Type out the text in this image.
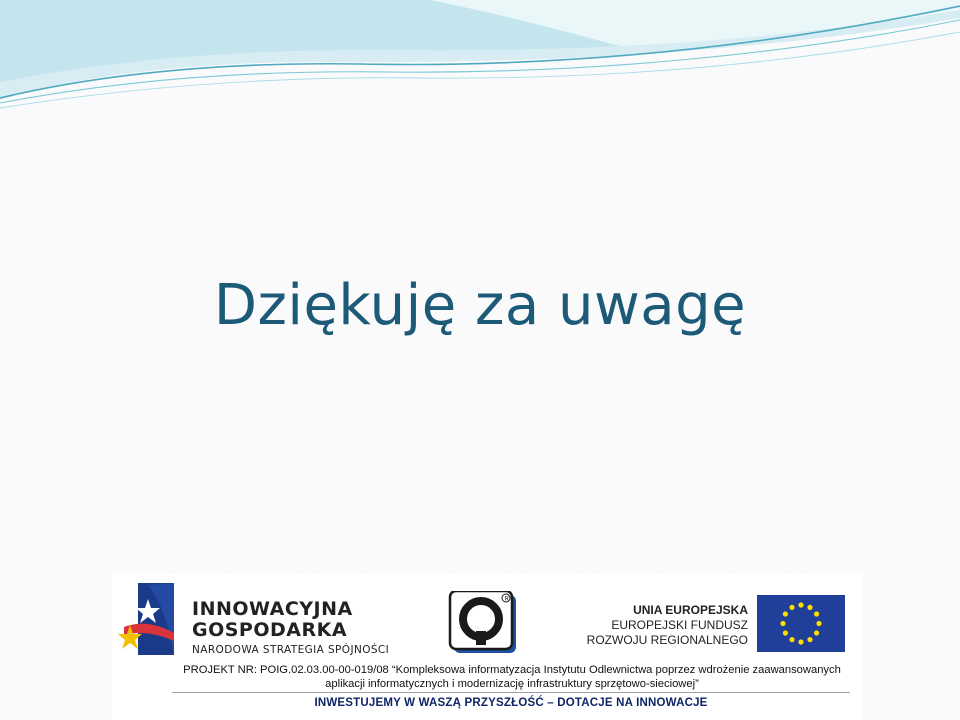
Dziękuję za uwagę
INNOWACYJNA
GOSPODARKA
NARODOWA STRATEGIA SPÓJNOŚCI
R
UNIA EUROPEJSKA
EUROPEJSKI FUNDUSZ
ROZWOJU REGIONALNEGO
PROJEKT NR: POIG.02.03.00-00-019/08 “Kompleksowa informatyzacja Instytutu Odlewnictwa poprzez wdrożenie zaawansowanych
aplikacji informatycznych i modernizację infrastruktury sprzętowo-sieciowej”
INWESTUJEMY W WASZĄ PRZYSZŁOŚĆ – DOTACJE NA INNOWACJE
